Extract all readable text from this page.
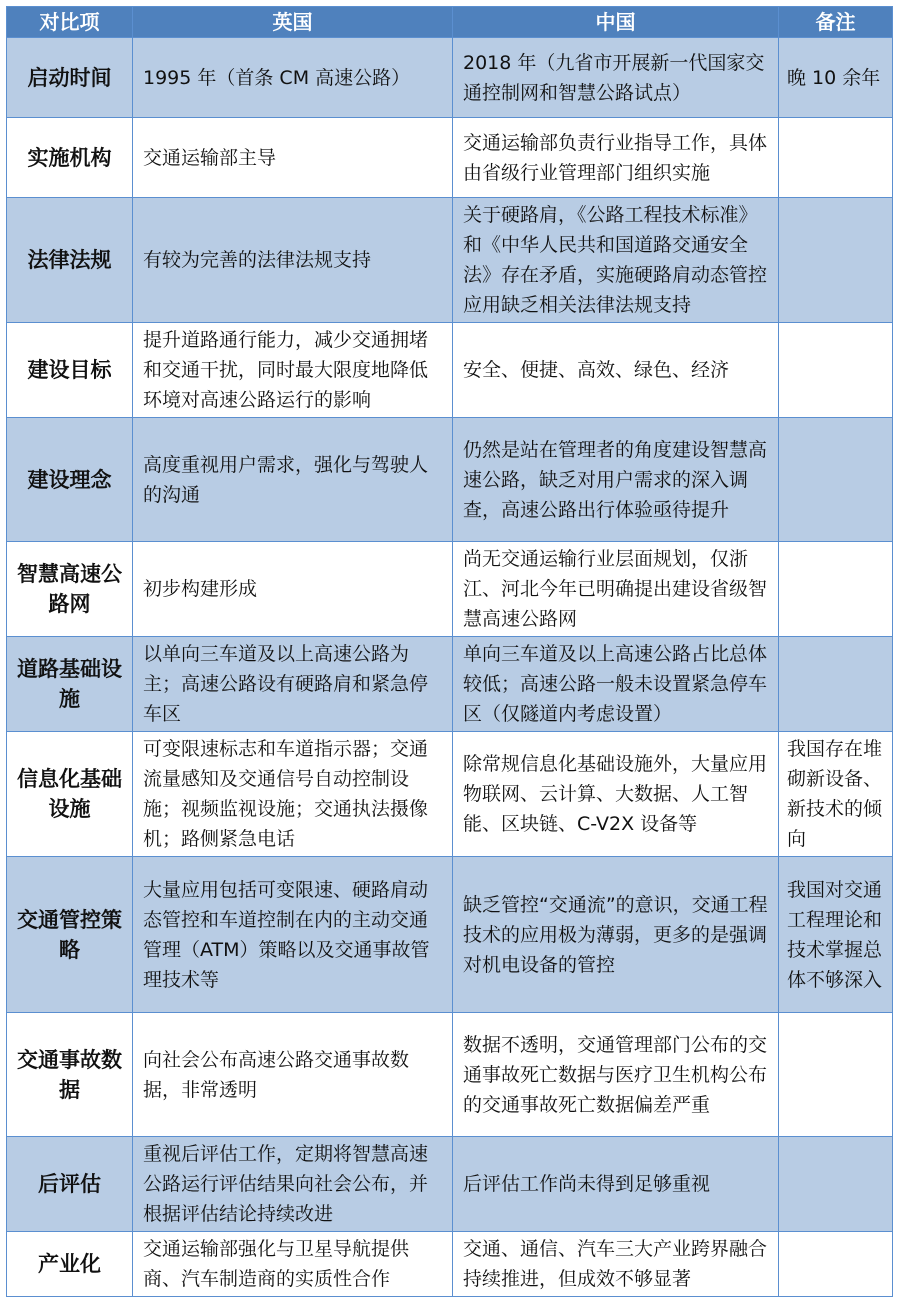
对比项	英国	中国	备注
启动时间	1995 年（首条 CM 高速公路）	2018 年（九省市开展新一代国家交通控制网和智慧公路试点）	晚 10 余年
实施机构	交通运输部主导	交通运输部负责行业指导工作，具体由省级行业管理部门组织实施	
法律法规	有较为完善的法律法规支持	关于硬路肩，《公路工程技术标准》和《中华人民共和国道路交通安全法》存在矛盾，实施硬路肩动态管控应用缺乏相关法律法规支持	
建设目标	提升道路通行能力，减少交通拥堵和交通干扰，同时最大限度地降低环境对高速公路运行的影响	安全、便捷、高效、绿色、经济	
建设理念	高度重视用户需求，强化与驾驶人的沟通	仍然是站在管理者的角度建设智慧高速公路，缺乏对用户需求的深入调查，高速公路出行体验亟待提升	
智慧高速公路网	初步构建形成	尚无交通运输行业层面规划，仅浙江、河北今年已明确提出建设省级智慧高速公路网	
道路基础设施	以单向三车道及以上高速公路为主；高速公路设有硬路肩和紧急停车区	单向三车道及以上高速公路占比总体较低；高速公路一般未设置紧急停车区（仅隧道内考虑设置）	
信息化基础设施	可变限速标志和车道指示器；交通流量感知及交通信号自动控制设施；视频监视设施；交通执法摄像机；路侧紧急电话	除常规信息化基础设施外，大量应用物联网、云计算、大数据、人工智能、区块链、C-V2X 设备等	我国存在堆砌新设备、新技术的倾向
交通管控策略	大量应用包括可变限速、硬路肩动态管控和车道控制在内的主动交通管理（ATM）策略以及交通事故管理技术等	缺乏管控“交通流”的意识，交通工程技术的应用极为薄弱，更多的是强调对机电设备的管控	我国对交通工程理论和技术掌握总体不够深入
交通事故数据	向社会公布高速公路交通事故数据，非常透明	数据不透明，交通管理部门公布的交通事故死亡数据与医疗卫生机构公布的交通事故死亡数据偏差严重	
后评估	重视后评估工作，定期将智慧高速公路运行评估结果向社会公布，并根据评估结论持续改进	后评估工作尚未得到足够重视	
产业化	交通运输部强化与卫星导航提供商、汽车制造商的实质性合作	交通、通信、汽车三大产业跨界融合持续推进，但成效不够显著	
